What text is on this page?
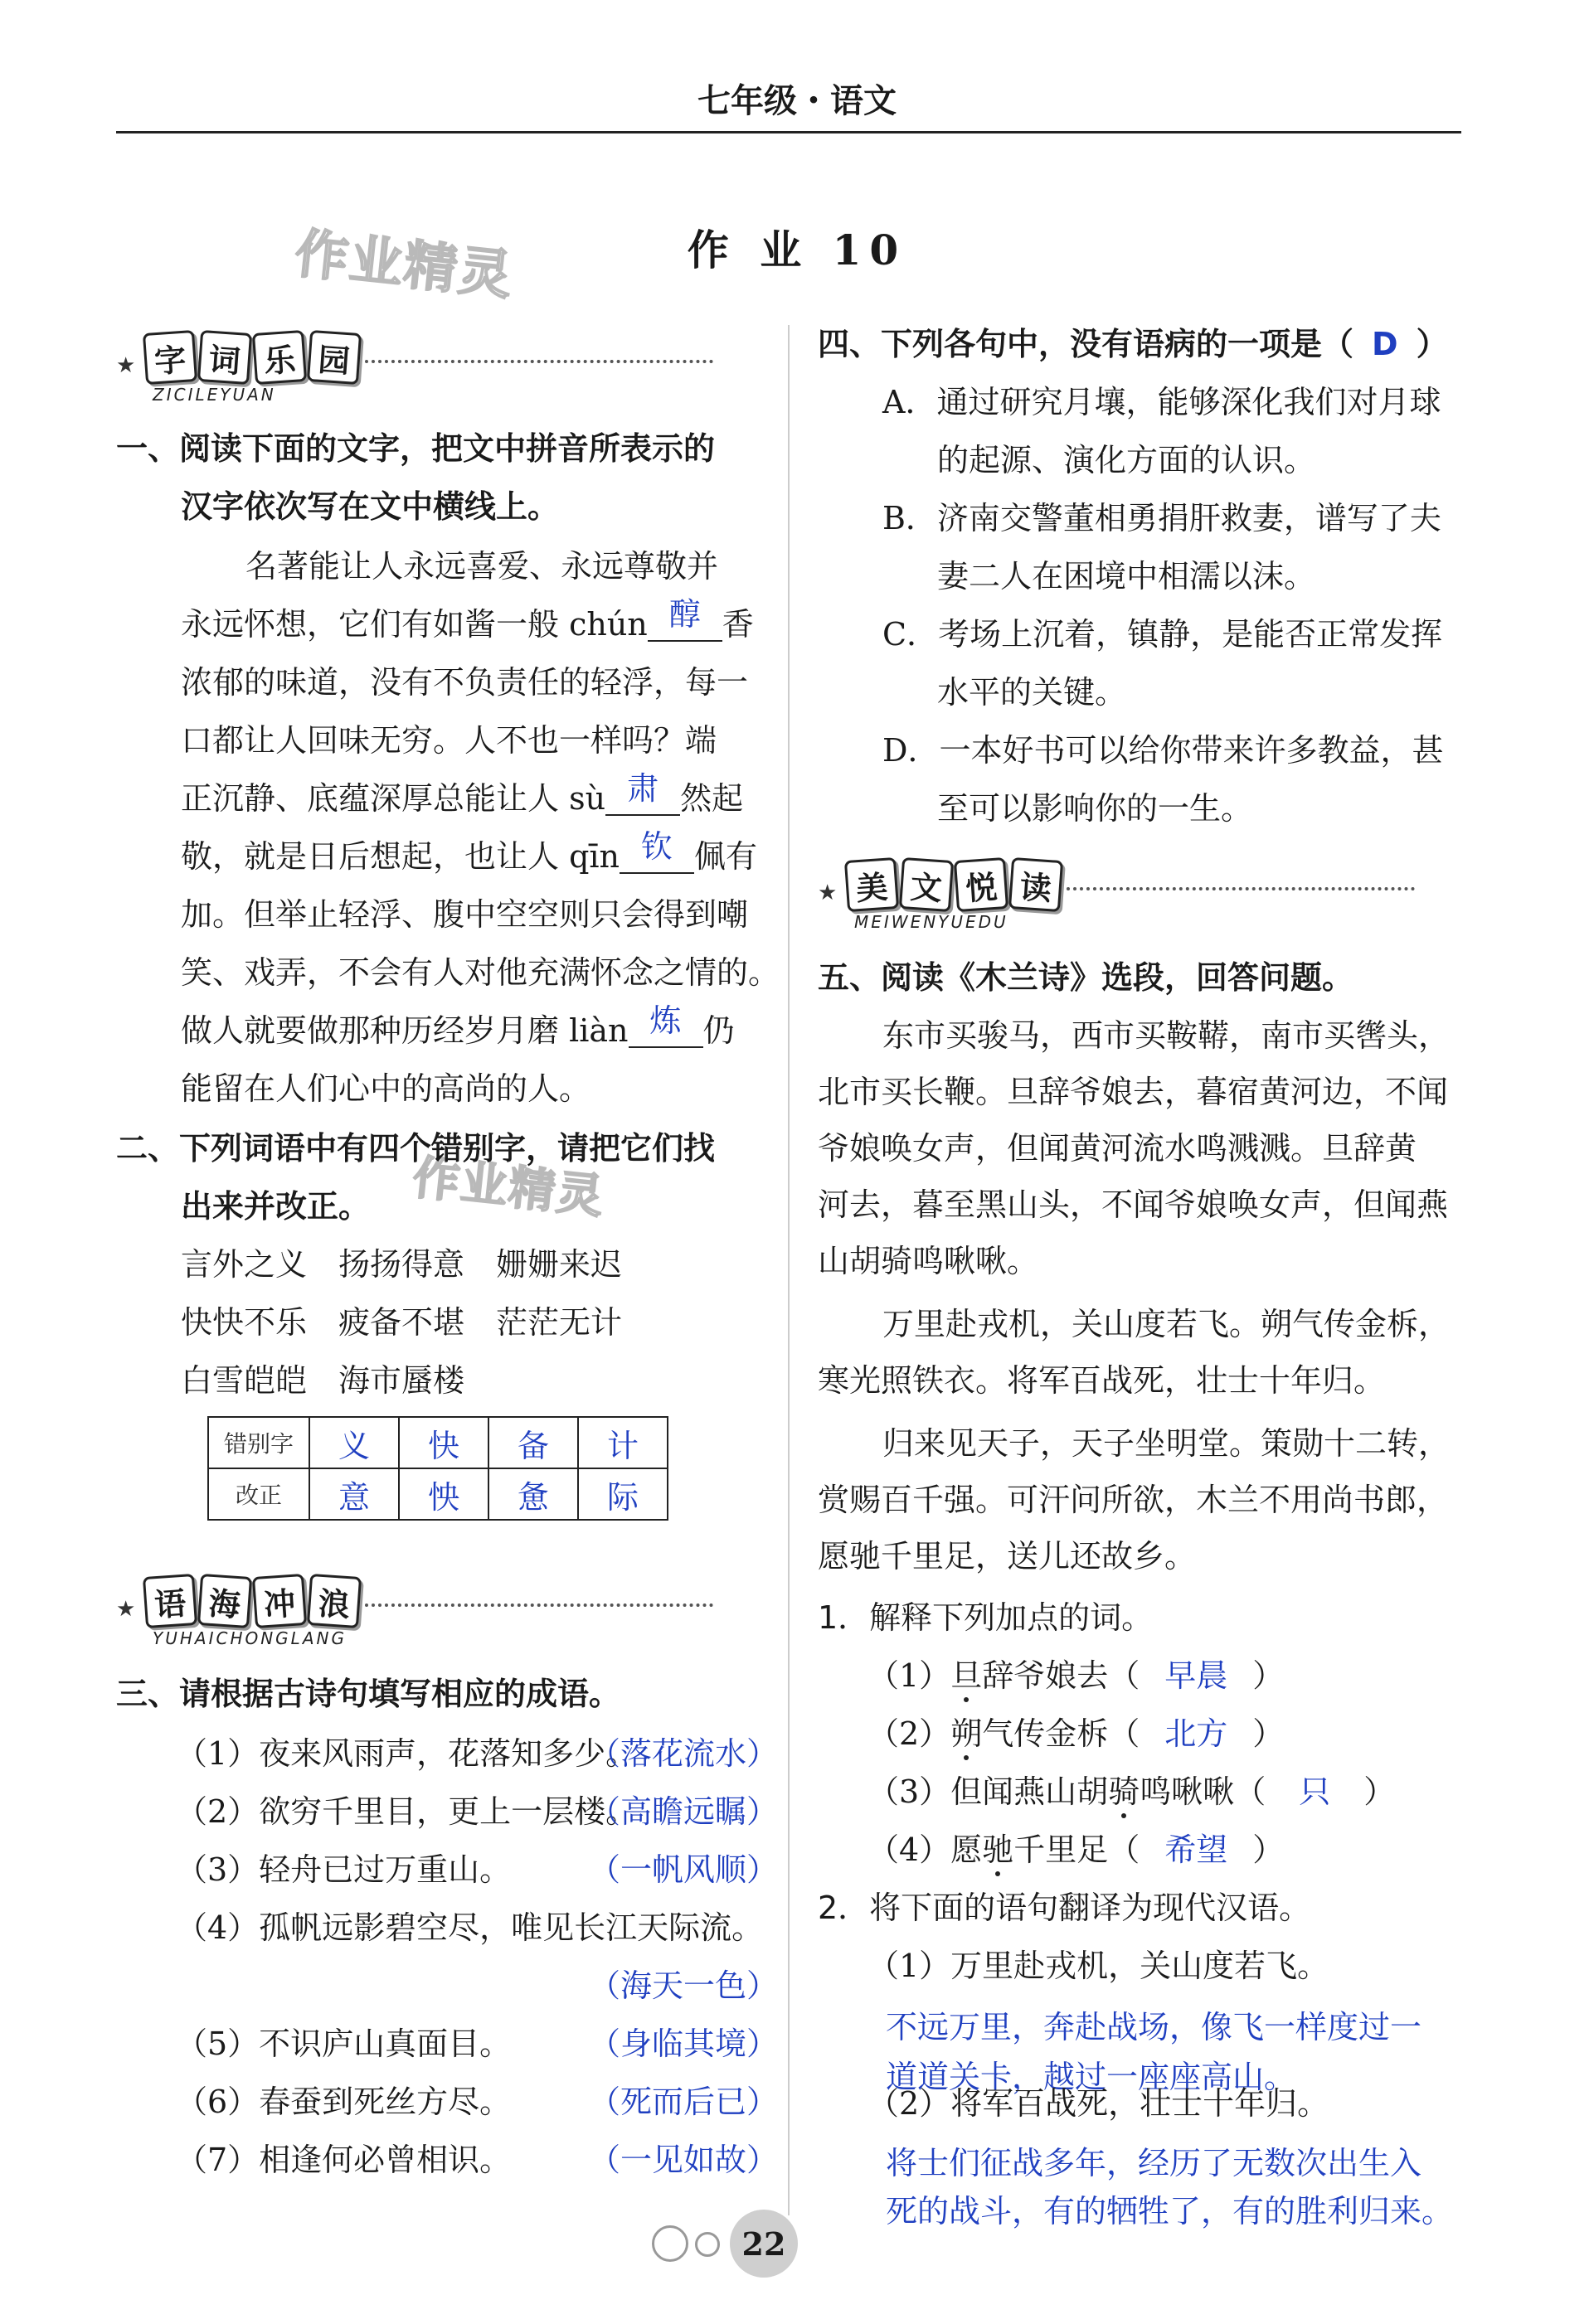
七年级・语文
作业精灵
作业精灵
作 业 10
★ 字 词 乐 园
ZICILEYUAN
一、阅读下面的文字，把文中拼音所表示的
汉字依次写在文中横线上。
名著能让人永远喜爱、永远尊敬并
永远怀想，它们有如酱一般 chún 醇 香
浓郁的味道，没有不负责任的轻浮，每一
口都让人回味无穷。人不也一样吗？端
正沉静、底蕴深厚总能让人 sù 肃 然起
敬，就是日后想起，也让人 qīn 钦 佩有
加。但举止轻浮、腹中空空则只会得到嘲
笑、戏弄，不会有人对他充满怀念之情的。
做人就要做那种历经岁月磨 liàn 炼 仍
能留在人们心中的高尚的人。
二、下列词语中有四个错别字，请把它们找
出来并改正。
言外之义　扬扬得意　姗姗来迟
快快不乐　疲备不堪　茫茫无计
白雪皑皑　海市蜃楼
错别字	义	快	备	计
改正	意	怏	惫	际
★ 语 海 冲 浪
YUHAICHONGLANG
三、请根据古诗句填写相应的成语。
（1）夜来风雨声，花落知多少。
（落花流水）
（2）欲穷千里目，更上一层楼。
（高瞻远瞩）
（3）轻舟已过万重山。 （一帆风顺）
（4）孤帆远影碧空尽，唯见长江天际流。
（海天一色）
（5）不识庐山真面目。 （身临其境）
（6）春蚕到死丝方尽。 （死而后已）
（7）相逢何必曾相识。 （一见如故）
四、下列各句中，没有语病的一项是（ D ）
A．通过研究月壤，能够深化我们对月球
的起源、演化方面的认识。
B．济南交警董相勇捐肝救妻，谱写了夫
妻二人在困境中相濡以沫。
C．考场上沉着，镇静，是能否正常发挥
水平的关键。
D．一本好书可以给你带来许多教益，甚
至可以影响你的一生。
★ 美 文 悦 读
MEIWENYUEDU
五、阅读《木兰诗》选段，回答问题。
东市买骏马，西市买鞍鞯，南市买辔头，
北市买长鞭。旦辞爷娘去，暮宿黄河边，不闻
爷娘唤女声，但闻黄河流水鸣溅溅。旦辞黄
河去，暮至黑山头，不闻爷娘唤女声，但闻燕
山胡骑鸣啾啾。
万里赴戎机，关山度若飞。朔气传金柝，
寒光照铁衣。将军百战死，壮士十年归。
归来见天子，天子坐明堂。策勋十二转，
赏赐百千强。可汗问所欲，木兰不用尚书郎，
愿驰千里足，送儿还故乡。
1．解释下列加点的词。
（1）旦辞爷娘去（ 早晨 ）
（2）朔气传金柝（ 北方 ）
（3）但闻燕山胡骑鸣啾啾（ 只 ）
（4）愿驰千里足（ 希望 ）
2．将下面的语句翻译为现代汉语。
（1）万里赴戎机，关山度若飞。
不远万里，奔赴战场，像飞一样度过一
道道关卡，越过一座座高山。
（2）将军百战死，壮士十年归。
将士们征战多年，经历了无数次出生入
死的战斗，有的牺牲了，有的胜利归来。
22
